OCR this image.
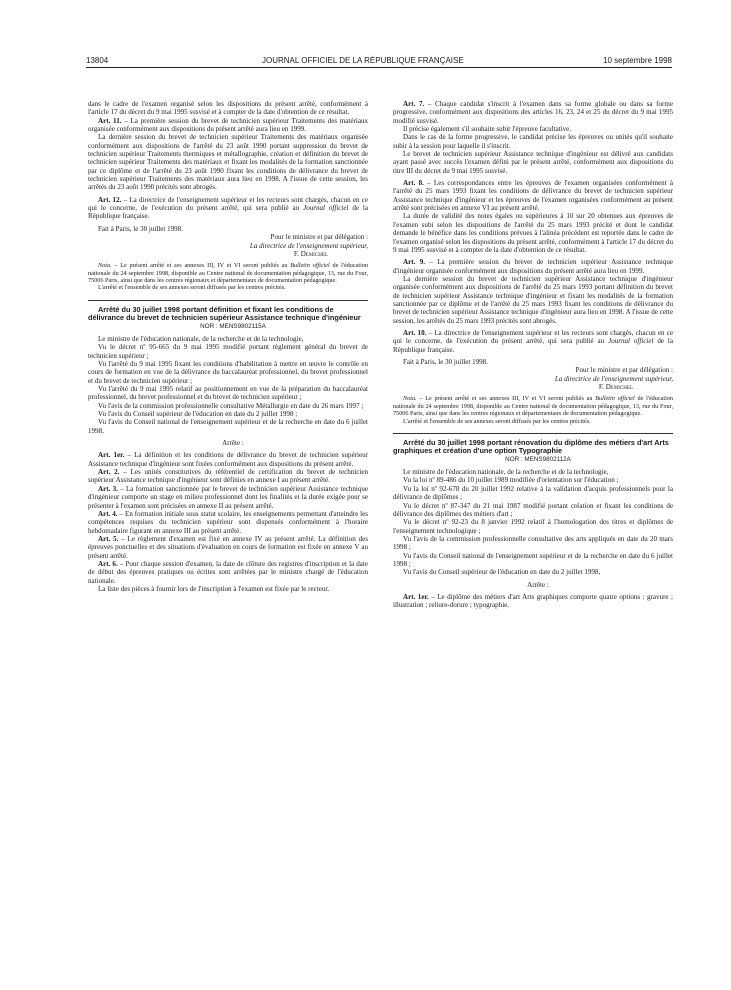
13804	JOURNAL OFFICIEL DE LA RÉPUBLIQUE FRANÇAISE	10 septembre 1998

dans le cadre de l'examen organisé selon les dispositions du présent arrêté, conformément à l'article 17 du décret du 9 mai 1995 susvisé et à compter de la date d'obtention de ce résultat.

Art. 11. – La première session du brevet de technicien supérieur Traitements des matériaux organisée conformément aux dispositions du présent arrêté aura lieu en 1999.

La dernière session du brevet de technicien supérieur Traitements des matériaux organisée conformément aux dispositions de l'arrêté du 23 août 1990 portant suppression du brevet de technicien supérieur Traitements thermiques et métallographie, création et définition du brevet de technicien supérieur Traitements des matériaux et fixant les modalités de la formation sanctionnée par ce diplôme et de l'arrêté du 23 août 1990 fixant les conditions de délivrance du brevet de technicien supérieur Traitements des matériaux aura lieu en 1998. A l'issue de cette session, les arrêtés du 23 août 1990 précités sont abrogés.

Art. 12. – La directrice de l'enseignement supérieur et les recteurs sont chargés, chacun en ce qui le concerne, de l'exécution du présent arrêté, qui sera publié au Journal officiel de la République française.

Fait à Paris, le 30 juillet 1998.

Pour le ministre et par délégation :

La directrice de l'enseignement supérieur,

F. Demichel

Nota. – Le présent arrêté et ses annexes III, IV et VI seront publiés au Bulletin officiel de l'éducation nationale du 24 septembre 1998, disponible au Centre national de documentation pédagogique, 13, rue du Four, 75006 Paris, ainsi que dans les centres régionaux et départementaux de documentation pédagogique.

L'arrêté et l'ensemble de ses annexes seront diffusés par les centres précités.

Arrêté du 30 juillet 1998 portant définition et fixant les conditions de délivrance du brevet de technicien supérieur Assistance technique d'ingénieur

NOR : MENS9802115A

Le ministre de l'éducation nationale, de la recherche et de la technologie,

Vu le décret nº 95-665 du 9 mai 1995 modifié portant règlement général du brevet de technicien supérieur ;

Vu l'arrêté du 9 mai 1995 fixant les conditions d'habilitation à mettre en œuvre le contrôle en cours de formation en vue de la délivrance du baccalauréat professionnel, du brevet professionnel et du brevet de technicien supérieur ;

Vu l'arrêté du 9 mai 1995 relatif au positionnement en vue de la préparation du baccalauréat professionnel, du brevet professionnel et du brevet de technicien supérieur ;

Vu l'avis de la commission professionnelle consultative Métallurgie en date du 26 mars 1997 ;

Vu l'avis du Conseil supérieur de l'éducation en date du 2 juillet 1998 ;

Vu l'avis du Conseil national de l'enseignement supérieur et de la recherche en date du 6 juillet 1998,

Arrête :

Art. 1er. – La définition et les conditions de délivrance du brevet de technicien supérieur Assistance technique d'ingénieur sont fixées conformément aux dispositions du présent arrêté.

Art. 2. – Les unités constitutives du référentiel de certification du brevet de technicien supérieur Assistance technique d'ingénieur sont définies en annexe I au présent arrêté.

Art. 3. – La formation sanctionnée par le brevet de technicien supérieur Assistance technique d'ingénieur comporte un stage en milieu professionnel dont les finalités et la durée exigée pour se présenter à l'examen sont précisées en annexe II au présent arrêté.

Art. 4. – En formation initiale sous statut scolaire, les enseignements permettant d'atteindre les compétences requises du technicien supérieur sont dispensés conformément à l'horaire hebdomadaire figurant en annexe III au présent arrêté.

Art. 5. – Le règlement d'examen est fixé en annexe IV au présent arrêté. La définition des épreuves ponctuelles et des situations d'évaluation en cours de formation est fixée en annexe V au présent arrêté.

Art. 6. – Pour chaque session d'examen, la date de clôture des registres d'inscription et la date de début des épreuves pratiques ou écrites sont arrêtées par le ministre chargé de l'éducation nationale.

La liste des pièces à fournir lors de l'inscription à l'examen est fixée par le recteur.

Art. 7. – Chaque candidat s'inscrit à l'examen dans sa forme globale ou dans sa forme progressive, conformément aux dispositions des articles 16, 23, 24 et 25 du décret du 9 mai 1995 modifié susvisé.

Il précise également s'il souhaite subir l'épreuve facultative.

Dans le cas de la forme progressive, le candidat précise les épreuves ou unités qu'il souhaite subir à la session pour laquelle il s'inscrit.

Le brevet de technicien supérieur Assistance technique d'ingénieur est délivré aux candidats ayant passé avec succès l'examen défini par le présent arrêté, conformément aux dispositions du titre III du décret du 9 mai 1995 susvisé.

Art. 8. – Les correspondances entre les épreuves de l'examen organisées conformément à l'arrêté du 25 mars 1993 fixant les conditions de délivrance du brevet de technicien supérieur Assistance technique d'ingénieur et les épreuves de l'examen organisées conformément au présent arrêté sont précisées en annexe VI au présent arrêté.

La durée de validité des notes égales ou supérieures à 10 sur 20 obtenues aux épreuves de l'examen subi selon les dispositions de l'arrêté du 25 mars 1993 précité et dont le candidat demande le bénéfice dans les conditions prévues à l'alinéa précédent est reportée dans le cadre de l'examen organisé selon les dispositions du présent arrêté, conformément à l'article 17 du décret du 9 mai 1995 susvisé et à compter de la date d'obtention de ce résultat.

Art. 9. – La première session du brevet de technicien supérieur Assistance technique d'ingénieur organisée conformément aux dispositions du présent arrêté aura lieu en 1999.

La dernière session du brevet de technicien supérieur Assistance technique d'ingénieur organisée conformément aux dispositions de l'arrêté du 25 mars 1993 portant définition du brevet de technicien supérieur Assistance technique d'ingénieur et fixant les modalités de la formation sanctionnée par ce diplôme et de l'arrêté du 25 mars 1993 fixant les conditions de délivrance du brevet de technicien supérieur Assistance technique d'ingénieur aura lieu en 1998. A l'issue de cette session, les arrêtés du 25 mars 1993 précités sont abrogés.

Art. 10. – La directrice de l'enseignement supérieur et les recteurs sont chargés, chacun en ce qui le concerne, de l'exécution du présent arrêté, qui sera publié au Journal officiel de la République française.

Fait à Paris, le 30 juillet 1998.

Pour le ministre et par délégation :

La directrice de l'enseignement supérieur,

F. Demichel

Nota. – Le présent arrêté et ses annexes III, IV et VI seront publiés au Bulletin officiel de l'éducation nationale du 24 septembre 1998, disponible au Centre national de documentation pédagogique, 13, rue du Four, 75006 Paris, ainsi que dans les centres régionaux et départementaux de documentation pédagogique.

L'arrêté et l'ensemble de ses annexes seront diffusés par les centres précités.

Arrêté du 30 juillet 1998 portant rénovation du diplôme des métiers d'art Arts graphiques et création d'une option Typographie

NOR : MENS9802112A

Le ministre de l'éducation nationale, de la recherche et de la technologie,

Vu la loi nº 89-486 du 10 juillet 1989 modifiée d'orientation sur l'éducation ;

Vu la loi nº 92-678 du 20 juillet 1992 relative à la validation d'acquis professionnels pour la délivrance de diplômes ;

Vu le décret nº 87-347 du 21 mai 1987 modifié portant création et fixant les conditions de délivrance des diplômes des métiers d'art ;

Vu le décret nº 92-23 du 8 janvier 1992 relatif à l'homologation des titres et diplômes de l'enseignement technologique ;

Vu l'avis de la commission professionnelle consultative des arts appliqués en date du 20 mars 1998 ;

Vu l'avis du Conseil national de l'enseignement supérieur et de la recherche en date du 6 juillet 1998 ;

Vu l'avis du Conseil supérieur de l'éducation en date du 2 juillet 1998,

Arrête :

Art. 1er. – Le diplôme des métiers d'art Arts graphiques comporte quatre options : gravure ; illustration ; reliure-dorure ; typographie.
